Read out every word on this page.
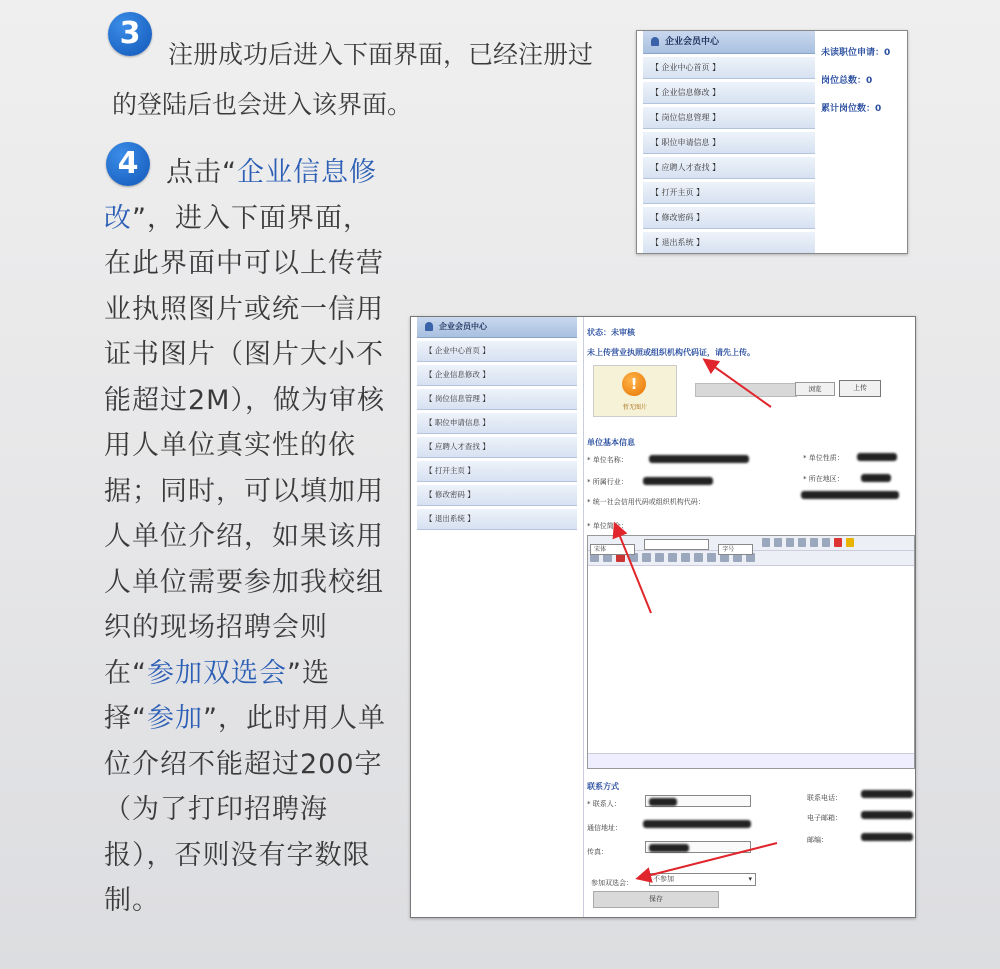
3
注册成功后进入下面界面，已经注册过
的登陆后也会进入该界面。
4	点击“企业信息修改”，进入下面界面，在此界面中可以上传营业执照图片或统一信用证书图片（图片大小不能超过2M），做为审核用人单位真实性的依据；同时，可以填加用人单位介绍，如果该用人单位需要参加我校组织的现场招聘会则在“参加双选会”选择“参加”，此时用人单位介绍不能超过200字（为了打印招聘海报），否则没有字数限制。
企业会员中心
【 企业中心首页 】
【 企业信息修改 】
【 岗位信息管理 】
【 职位申请信息 】
【 应聘人才查找 】
【 打开主页 】
【 修改密码 】
【 退出系统 】
未读职位申请：0
岗位总数：0
累计岗位数：0
企业会员中心
【 企业中心首页 】
【 企业信息修改 】
【 岗位信息管理 】
【 职位申请信息 】
【 应聘人才查找 】
【 打开主页 】
【 修改密码 】
【 退出系统 】
状态：未审核
未上传营业执照或组织机构代码证，请先上传。
!
暂无图片
浏览	上传
单位基本信息
* 单位名称：	* 单位性质：
* 所属行业：	* 所在地区：
* 统一社会信用代码或组织机构代码：
* 单位简介：
宋体	字号
联系方式
* 联系人：
联系电话：
通信地址：
电子邮箱：
传真：
邮编：
参加双选会：	不参加	▾
保存
